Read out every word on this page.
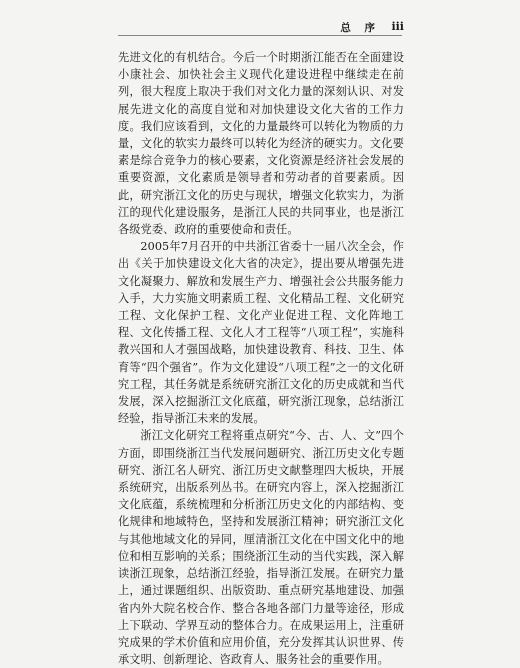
总 序 iii

先进文化的有机结合。今后一个时期浙江能否在全面建设小康社会、加快社会主义现代化建设进程中继续走在前列，很大程度上取决于我们对文化力量的深刻认识、对发展先进文化的高度自觉和对加快建设文化大省的工作力度。我们应该看到，文化的力量最终可以转化为物质的力量，文化的软实力最终可以转化为经济的硬实力。文化要素是综合竞争力的核心要素，文化资源是经济社会发展的重要资源，文化素质是领导者和劳动者的首要素质。因此，研究浙江文化的历史与现状，增强文化软实力，为浙江的现代化建设服务，是浙江人民的共同事业，也是浙江各级党委、政府的重要使命和责任。

2005年7月召开的中共浙江省委十一届八次全会，作出《关于加快建设文化大省的决定》，提出要从增强先进文化凝聚力、解放和发展生产力、增强社会公共服务能力入手，大力实施文明素质工程、文化精品工程、文化研究工程、文化保护工程、文化产业促进工程、文化阵地工程、文化传播工程、文化人才工程等“八项工程”，实施科教兴国和人才强国战略，加快建设教育、科技、卫生、体育等“四个强省”。作为文化建设“八项工程”之一的文化研究工程，其任务就是系统研究浙江文化的历史成就和当代发展，深入挖掘浙江文化底蕴，研究浙江现象，总结浙江经验，指导浙江未来的发展。

浙江文化研究工程将重点研究“今、古、人、文”四个方面，即围绕浙江当代发展问题研究、浙江历史文化专题研究、浙江名人研究、浙江历史文献整理四大板块，开展系统研究，出版系列丛书。在研究内容上，深入挖掘浙江文化底蕴，系统梳理和分析浙江历史文化的内部结构、变化规律和地域特色，坚持和发展浙江精神；研究浙江文化与其他地域文化的异同，厘清浙江文化在中国文化中的地位和相互影响的关系；围绕浙江生动的当代实践，深入解读浙江现象，总结浙江经验，指导浙江发展。在研究力量上，通过课题组织、出版资助、重点研究基地建设、加强省内外大院名校合作、整合各地各部门力量等途径，形成上下联动、学界互动的整体合力。在成果运用上，注重研究成果的学术价值和应用价值，充分发挥其认识世界、传承文明、创新理论、咨政育人、服务社会的重要作用。
